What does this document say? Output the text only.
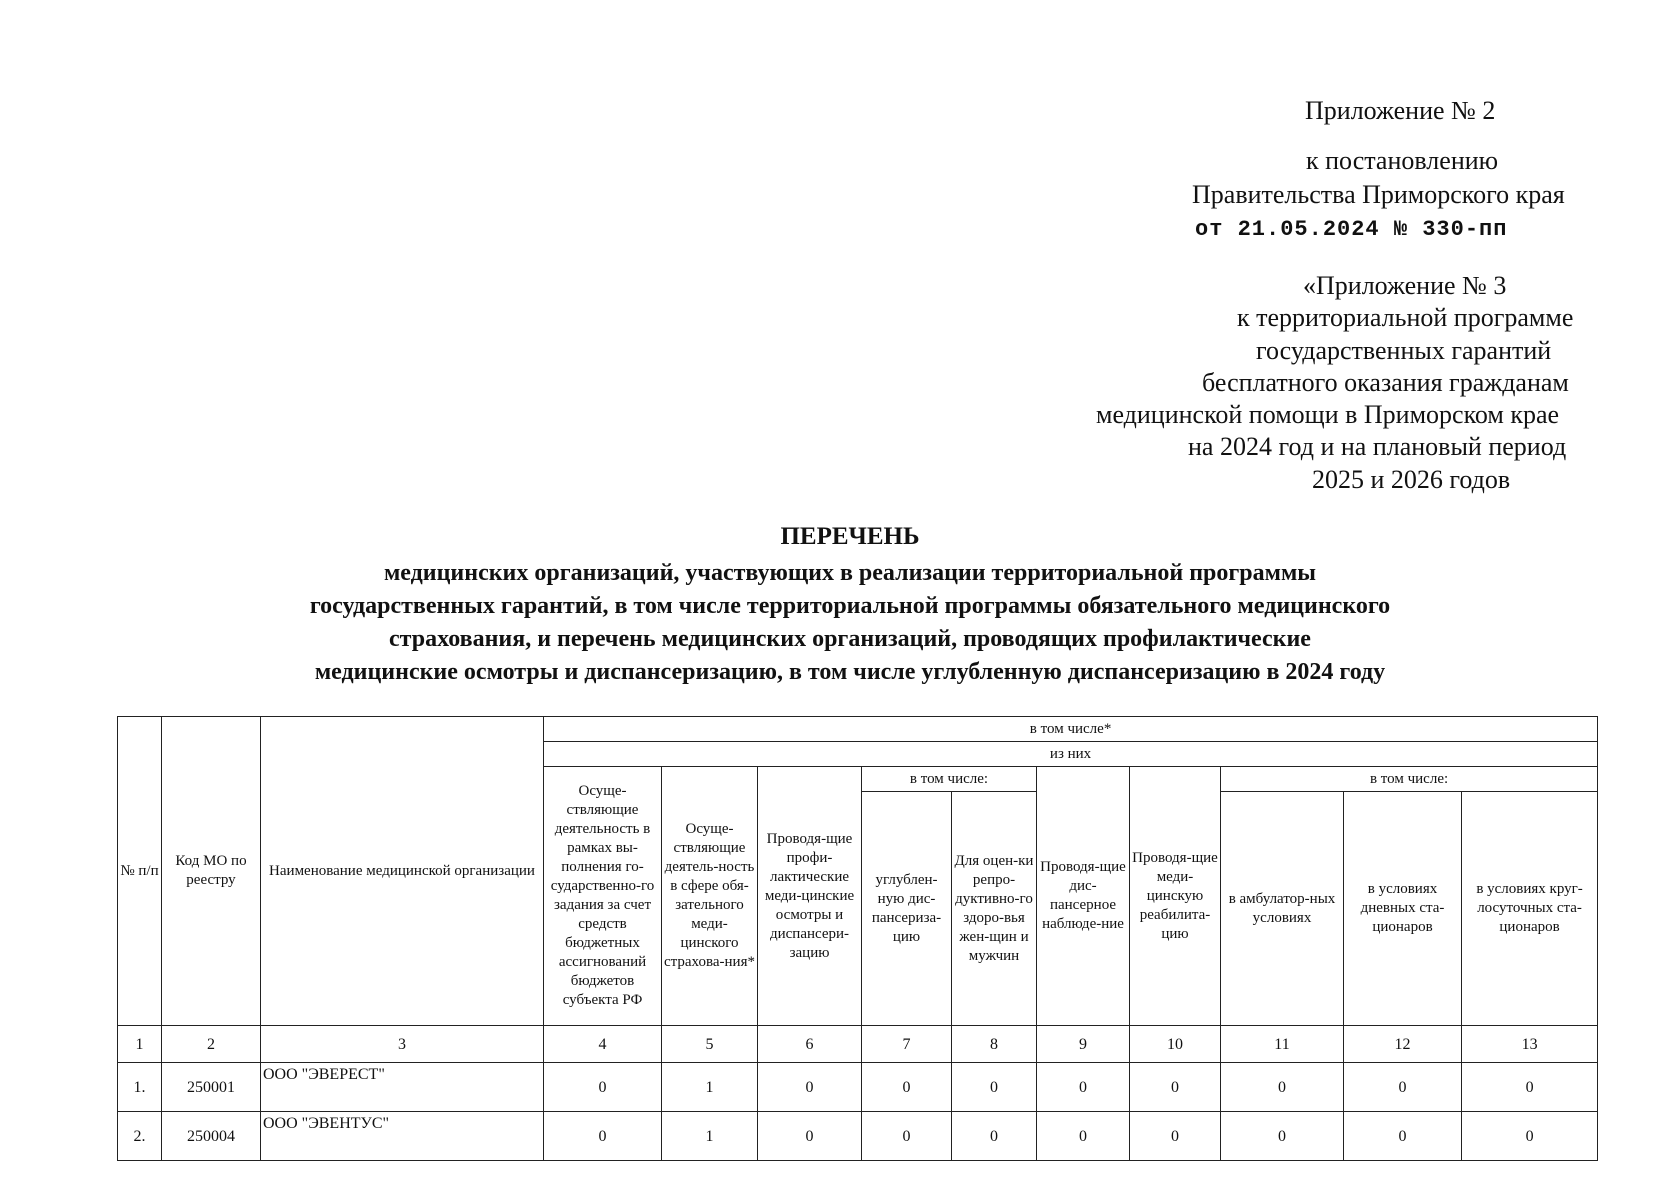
Приложение № 2
к постановлению
Правительства Приморского края
от 21.05.2024 № 330-пп
«Приложение № 3
к территориальной программе
государственных гарантий
бесплатного оказания гражданам
медицинской помощи в Приморском крае
на 2024 год и на плановый период
2025 и 2026 годов
ПЕРЕЧЕНЬ
медицинских организаций, участвующих в реализации территориальной программы
государственных гарантий, в том числе территориальной программы обязательного медицинского
страхования, и перечень медицинских организаций, проводящих профилактические
медицинские осмотры и диспансеризацию, в том числе углубленную диспансеризацию в 2024 году
№ п/п	Код МО по реестру	Наименование медицинской организации	в том числе*									
			из них									
			Осуще-ствляющие деятельность в рамках вы-полнения го-сударственно-го задания за счет средств бюджетных ассигнований бюджетов субъекта РФ	Осуще-ствляющие деятель-ность в сфере обя-зательного меди-цинского страхова-ния*	Проводя-щие профи-лактические меди-цинские осмотры и диспансери-зацию	в том числе:		Проводя-щие дис-пансерное наблюде-ние	Проводя-щие меди-цинскую реабилита-цию	в том числе:		
						углублен-ную дис-пансериза-цию	Для оцен-ки репро-дуктивно-го здоро-вья жен-щин и мужчин			в амбулатор-ных условиях	в условиях дневных ста-ционаров	в условиях круг-лосуточных ста-ционаров
1	2	3	4	5	6	7	8	9	10	11	12	13
1.	250001	ООО "ЭВЕРЕСТ"	0	1	0	0	0	0	0	0	0	0
2.	250004	ООО "ЭВЕНТУС"	0	1	0	0	0	0	0	0	0	0
